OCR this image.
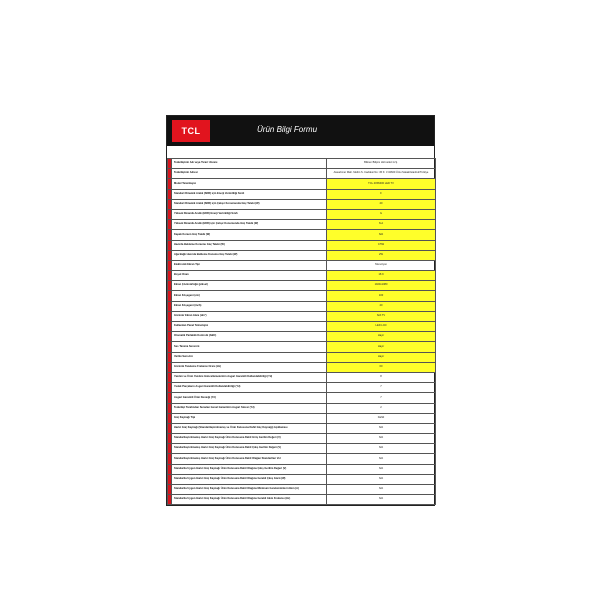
TCL	Ürün Bilgi Formu
	Tedarikçinin Adı veya Ticari Unvanı	Bilinen Bilişim Hizmetleri A.Ş.
	Tedarikçinin Adresi	Atasehmer Mah. Meltin S. Caddesi No: 45 K: 3 34600 Ünlu Sokak/Istanbul/Türkiye
	Model Tanımlayıcı	TCL 40S5400 LED TV
	Standart Dinamik Aralık (SDR) için Enerji Verimliliği Sınıfı	F
	Standart Dinamik Aralık (SDR) için Çalışır Konumunda Güç Talebi (W)	40
	Yüksek Dinamik Aralık (HDR) Enerji Verimliliği Sınıfı	G
	Yüksek Dinamik Aralık (HDR) için Çalışır Konumunda Güç Talebi (W)	N.A
	Kapalı Konum Güç Talebi (W)	N/A
	Hazırda Bekleme Konumu Güç Talebi (W)	0.5W
	Ağa Bağlı Hazırda Bekleme Konumu Güç Talebi (W)	2W
	Elektronik Ekran Tipi	Televizyon
	Boyut Oranı	16:9
	Ekran Çözünürlüğü (piksel)	1920x1080
	Ekran Köşegeni (cm)	100
	Ekran Köşegeni (inch)	40
	Görünür Ekran Alanı (dm²)	N/A TV
	Kullanılan Panel Teknolojisi	LED LCD
	Otomatik Parlaklık Kontrolü (ABC)	Hayır
	Ses Tanıma Sensörü	Hayır
	Varlıkı Sensörü	Hayır
	Görüntü Tazeleme Frekansı Oranı (Hz)	60
	Yazılım ve Ürün Yazılımı Güncellemelerinin Asgari Garantili Kullanılabilirliği (Yıl)	8
	Yedek Parçaların Asgari Garantili Kullanılabilirliği (Yıl)	7
	Asgari Garantili Ürün Desteği (Yıl)	7
	Tedarikçi Tarafından Sunulan Genel Garantinin Asgari Süresi (Yıl)	2
	Güç Kaynağı Tipi	Dahili
	Harici Güç Kaynağı (Standartlaştırılmamış ve Ürün Kutusuna Dahil Güç Kaynağı) Açıklaması	N/A
	Standartlaştırılmamış Harici Güç Kaynağı Ürün Kutusuna Dahil Giriş Gerilim Değeri (V)	N/A
	Standartlaştırılmamış Harici Güç Kaynağı Ürün Kutusuna Dahil Çıkış Gerilim Değeri (V)	N/A
	Standartlaştırılmamış Harici Güç Kaynağı Ürün Kutusuna Dahil Olağan Standartları Vol	N/A
	Standartla Uygun Harici Güç Kaynağı Ürün Kutusuna Dahil Olağına Çıkış Gerilim Değeri (V)	N/A
	Standartla Uygun Harici Güç Kaynağı Ürün Kutusuna Dahil Olağına Gerekli Çıkış Gücü (W)	N/A
	Standartla Uygun Harici Güç Kaynağı Ürün Kutusuna Dahil Olağına Minimum Gereksinimleri Akım (A)	N/A
	Standartla Uygun Harici Güç Kaynağı Ürün Kutusuna Dahil Olağına Gerekli Akım Frekansı (Hz)	N/A
